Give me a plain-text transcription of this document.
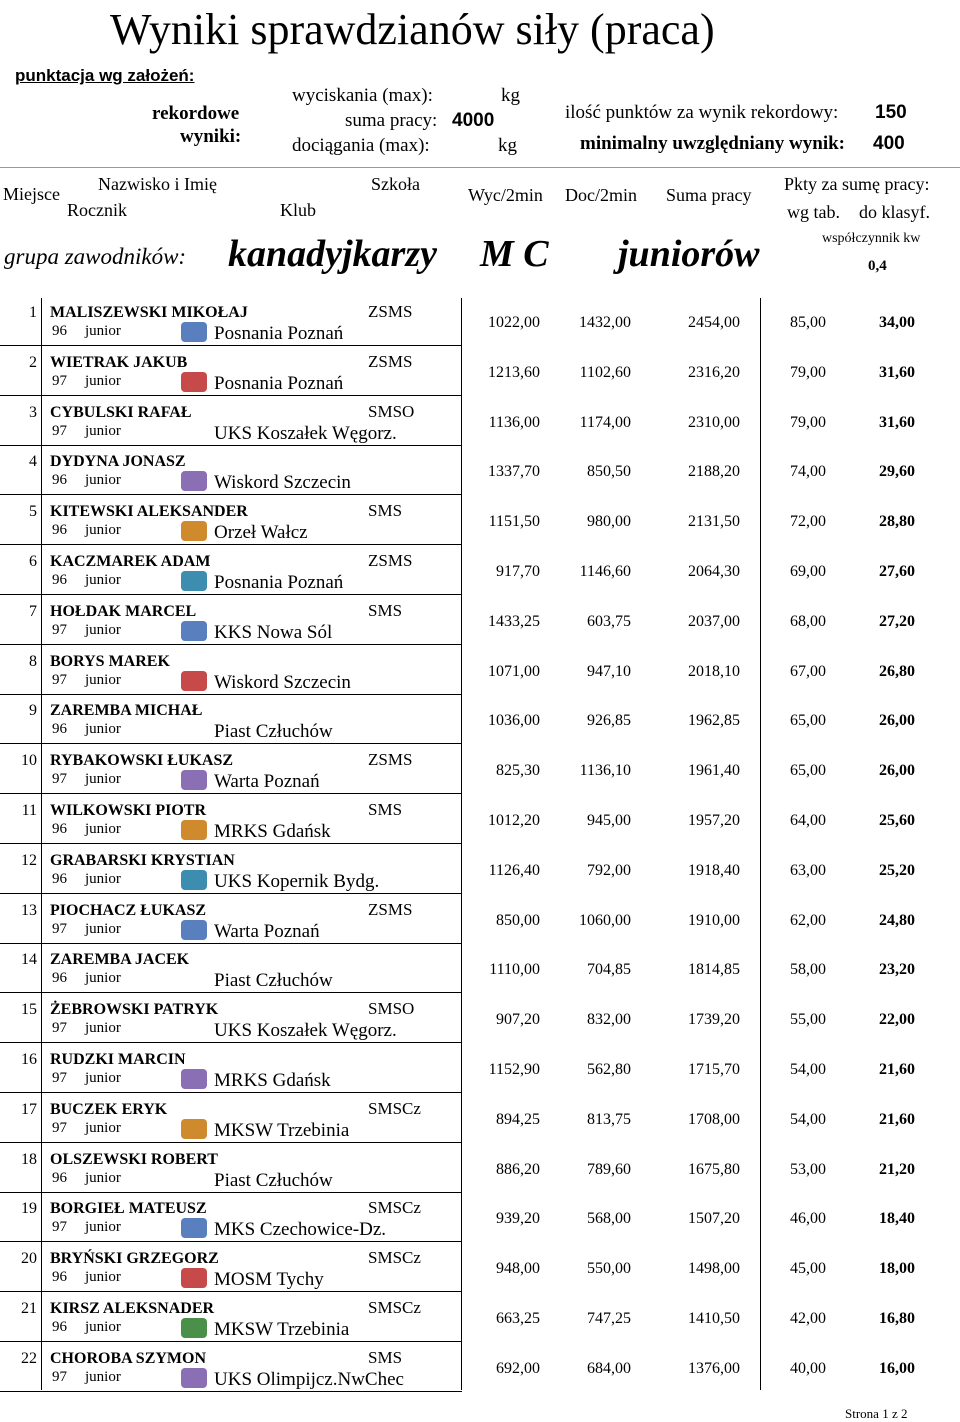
Wyniki sprawdzianów siły (praca)
punktacja wg założeń:
rekordowe
wyniki:
wyciskania (max):	kg
suma pracy: 4000
dociągania (max):	kg
ilość punktów za wynik rekordowy: 150
minimalny uwzględniany wynik: 400
Miejsce Nazwisko i Imię	Szkoła
Rocznik	Klub
Wyc/2min Doc/2min Suma pracy
Pkty za sumę pracy:
wg tab. do klasyf.
współczynnik kw
0,4
grupa zawodników: kanadyjkarzy M C juniorów
1 MALISZEWSKI MIKOŁAJ	ZSMS
96 junior	Posnania Poznań
1022,00	1432,00	2454,00	85,00	34,00
2 WIETRAK JAKUB	ZSMS
97 junior	Posnania Poznań
1213,60	1102,60	2316,20	79,00	31,60
3 CYBULSKI RAFAŁ	SMSO
97 junior	UKS Koszałek Węgorz.
1136,00	1174,00	2310,00	79,00	31,60
4 DYDYNA JONASZ
96 junior	Wiskord Szczecin
1337,70	850,50	2188,20	74,00	29,60
5 KITEWSKI ALEKSANDER	SMS
96 junior	Orzeł Wałcz
1151,50	980,00	2131,50	72,00	28,80
6 KACZMAREK ADAM	ZSMS
96 junior	Posnania Poznań
917,70	1146,60	2064,30	69,00	27,60
7 HOŁDAK MARCEL	SMS
97 junior	KKS Nowa Sól
1433,25	603,75	2037,00	68,00	27,20
8 BORYS MAREK
97 junior	Wiskord Szczecin
1071,00	947,10	2018,10	67,00	26,80
9 ZAREMBA MICHAŁ
96 junior	Piast Człuchów
1036,00	926,85	1962,85	65,00	26,00
10 RYBAKOWSKI ŁUKASZ	ZSMS
97 junior	Warta Poznań
825,30	1136,10	1961,40	65,00	26,00
11 WILKOWSKI PIOTR	SMS
96 junior	MRKS Gdańsk
1012,20	945,00	1957,20	64,00	25,60
12 GRABARSKI KRYSTIAN
96 junior	UKS Kopernik Bydg.
1126,40	792,00	1918,40	63,00	25,20
13 PIOCHACZ ŁUKASZ	ZSMS
97 junior	Warta Poznań
850,00	1060,00	1910,00	62,00	24,80
14 ZAREMBA JACEK
96 junior	Piast Człuchów
1110,00	704,85	1814,85	58,00	23,20
15 ŻEBROWSKI PATRYK	SMSO
97 junior	UKS Koszałek Węgorz.
907,20	832,00	1739,20	55,00	22,00
16 RUDZKI MARCIN
97 junior	MRKS Gdańsk
1152,90	562,80	1715,70	54,00	21,60
17 BUCZEK ERYK	SMSCz
97 junior	MKSW Trzebinia
894,25	813,75	1708,00	54,00	21,60
18 OLSZEWSKI ROBERT
96 junior	Piast Człuchów
886,20	789,60	1675,80	53,00	21,20
19 BORGIEŁ MATEUSZ	SMSCz
97 junior	MKS Czechowice-Dz.
939,20	568,00	1507,20	46,00	18,40
20 BRYŃSKI GRZEGORZ	SMSCz
96 junior	MOSM Tychy
948,00	550,00	1498,00	45,00	18,00
21 KIRSZ ALEKSNADER	SMSCz
96 junior	MKSW Trzebinia
663,25	747,25	1410,50	42,00	16,80
22 CHOROBA SZYMON	SMS
97 junior	UKS Olimpijcz.NwChec
692,00	684,00	1376,00	40,00	16,00
Strona 1 z 2
